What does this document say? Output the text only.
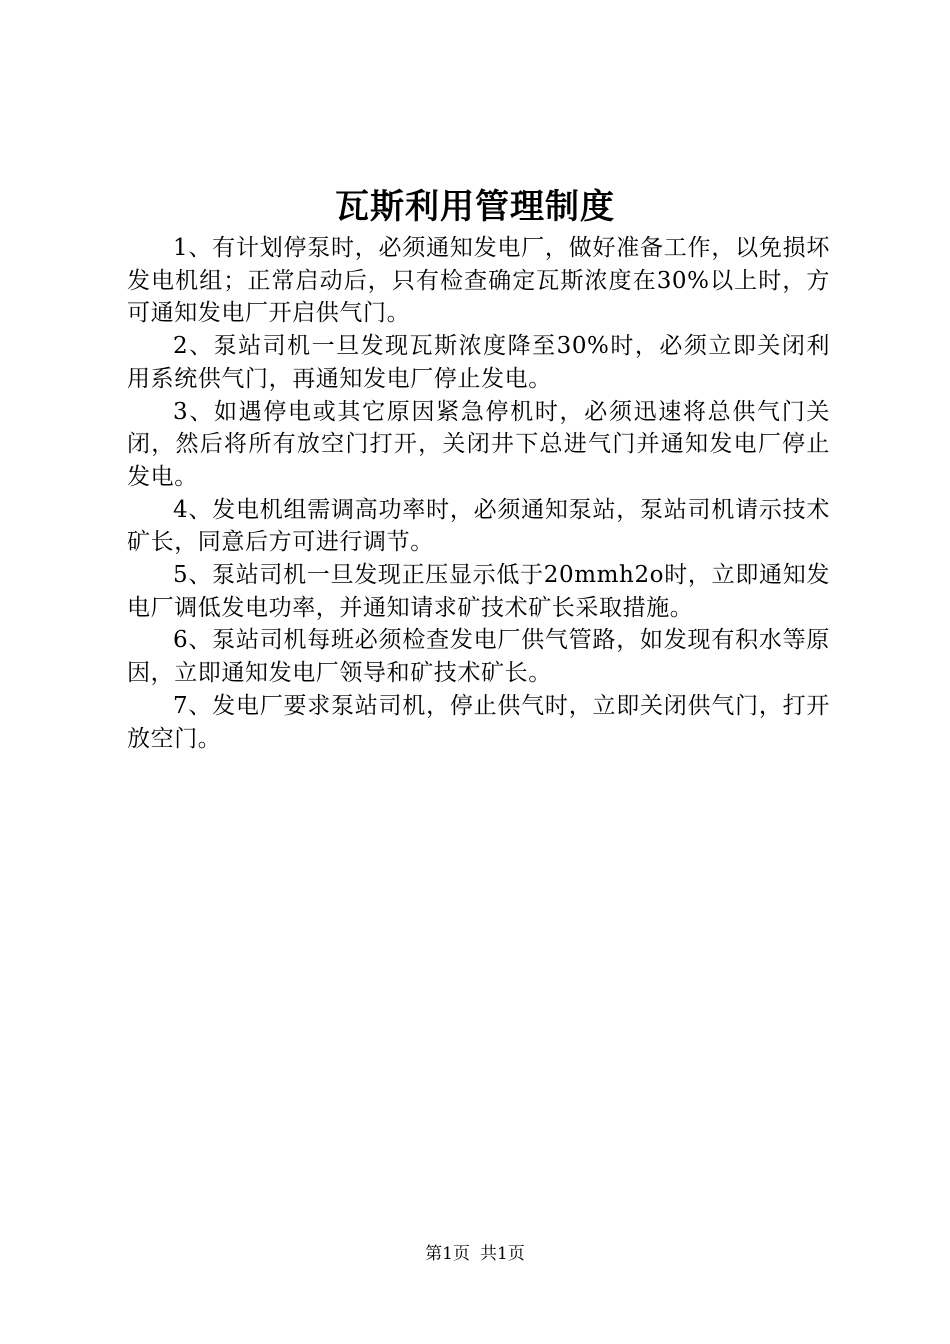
瓦斯利用管理制度

1、有计划停泵时，必须通知发电厂，做好准备工作，以免损坏发电机组；正常启动后，只有检查确定瓦斯浓度在30%以上时，方可通知发电厂开启供气门。

2、泵站司机一旦发现瓦斯浓度降至30%时，必须立即关闭利用系统供气门，再通知发电厂停止发电。

3、如遇停电或其它原因紧急停机时，必须迅速将总供气门关闭，然后将所有放空门打开，关闭井下总进气门并通知发电厂停止发电。

4、发电机组需调高功率时，必须通知泵站，泵站司机请示技术矿长，同意后方可进行调节。

5、泵站司机一旦发现正压显示低于20mmh2o时，立即通知发电厂调低发电功率，并通知请求矿技术矿长采取措施。

6、泵站司机每班必须检查发电厂供气管路，如发现有积水等原因，立即通知发电厂领导和矿技术矿长。

7、发电厂要求泵站司机，停止供气时，立即关闭供气门，打开放空门。

第1页 共1页
